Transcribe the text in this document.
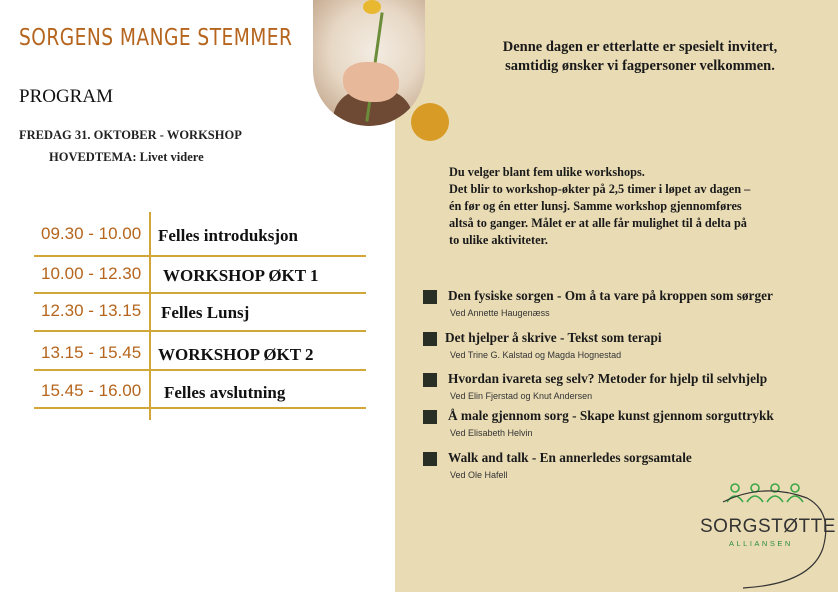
SORGENS MANGE STEMMER
PROGRAM
FREDAG 31. OKTOBER - WORKSHOP
HOVEDTEMA: Livet videre
09.30 - 10.00 Felles introduksjon
10.00 - 12.30 WORKSHOP ØKT 1
12.30 - 13.15 Felles Lunsj
13.15 - 15.45 WORKSHOP ØKT 2
15.45 - 16.00 Felles avslutning
Denne dagen er etterlatte er spesielt invitert,
samtidig ønsker vi fagpersoner velkommen.
Du velger blant fem ulike workshops.
Det blir to workshop-økter på 2,5 timer i løpet av dagen –
én før og én etter lunsj. Samme workshop gjennomføres
altså to ganger. Målet er at alle får mulighet til å delta på
to ulike aktiviteter.
Den fysiske sorgen - Om å ta vare på kroppen som sørger
Ved Annette Haugenæss
Det hjelper å skrive - Tekst som terapi
Ved Trine G. Kalstad og Magda Hognestad
Hvordan ivareta seg selv? Metoder for hjelp til selvhjelp
Ved Elin Fjerstad og Knut Andersen
Å male gjennom sorg - Skape kunst gjennom sorguttrykk
Ved Elisabeth Helvin
Walk and talk - En annerledes sorgsamtale
Ved Ole Hafell
SORGSTØTTE
ALLIANSEN
